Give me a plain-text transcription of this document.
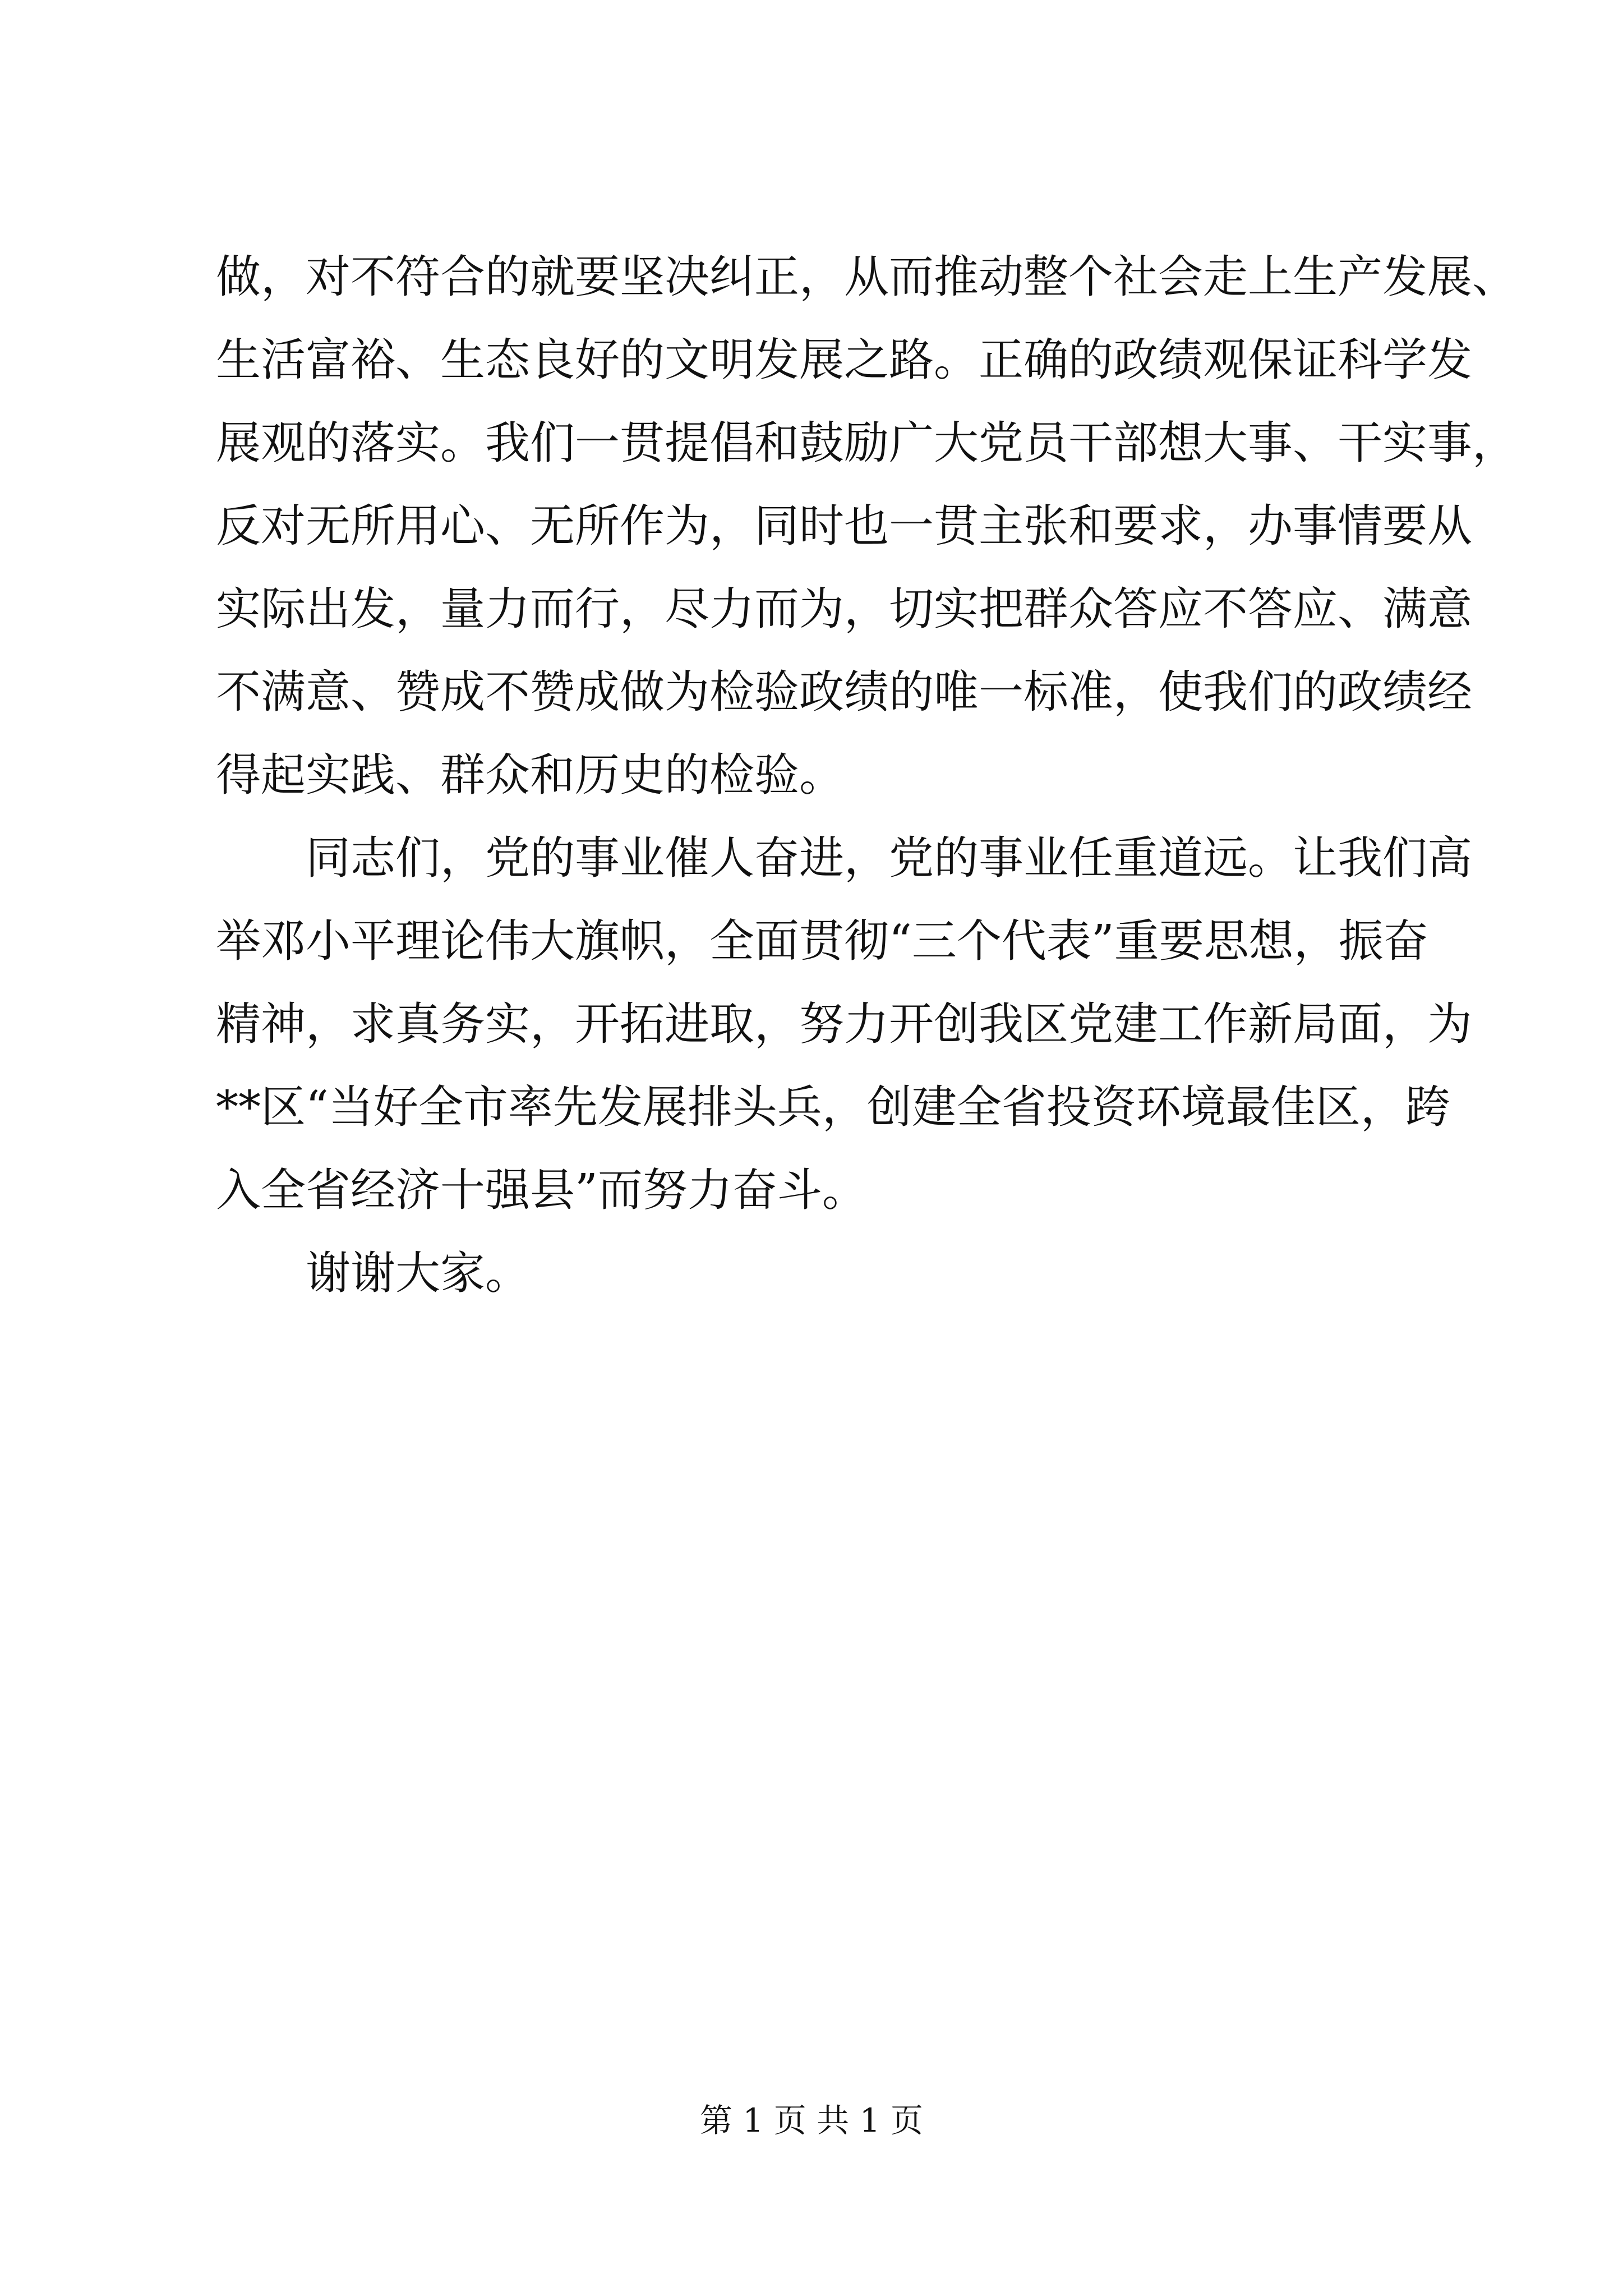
做，对不符合的就要坚决纠正，从而推动整个社会走上生产发展、
生活富裕、生态良好的文明发展之路。正确的政绩观保证科学发
展观的落实。我们一贯提倡和鼓励广大党员干部想大事、干实事，
反对无所用心、无所作为，同时也一贯主张和要求，办事情要从
实际出发，量力而行，尽力而为，切实把群众答应不答应、满意
不满意、赞成不赞成做为检验政绩的唯一标准，使我们的政绩经
得起实践、群众和历史的检验。
同志们，党的事业催人奋进，党的事业任重道远。让我们高
举邓小平理论伟大旗帜，全面贯彻“三个代表”重要思想，振奋
精神，求真务实，开拓进取，努力开创我区党建工作新局面，为
**区“当好全市率先发展排头兵，创建全省投资环境最佳区，跨
入全省经济十强县”而努力奋斗。
谢谢大家。
第 1 页 共 1 页
